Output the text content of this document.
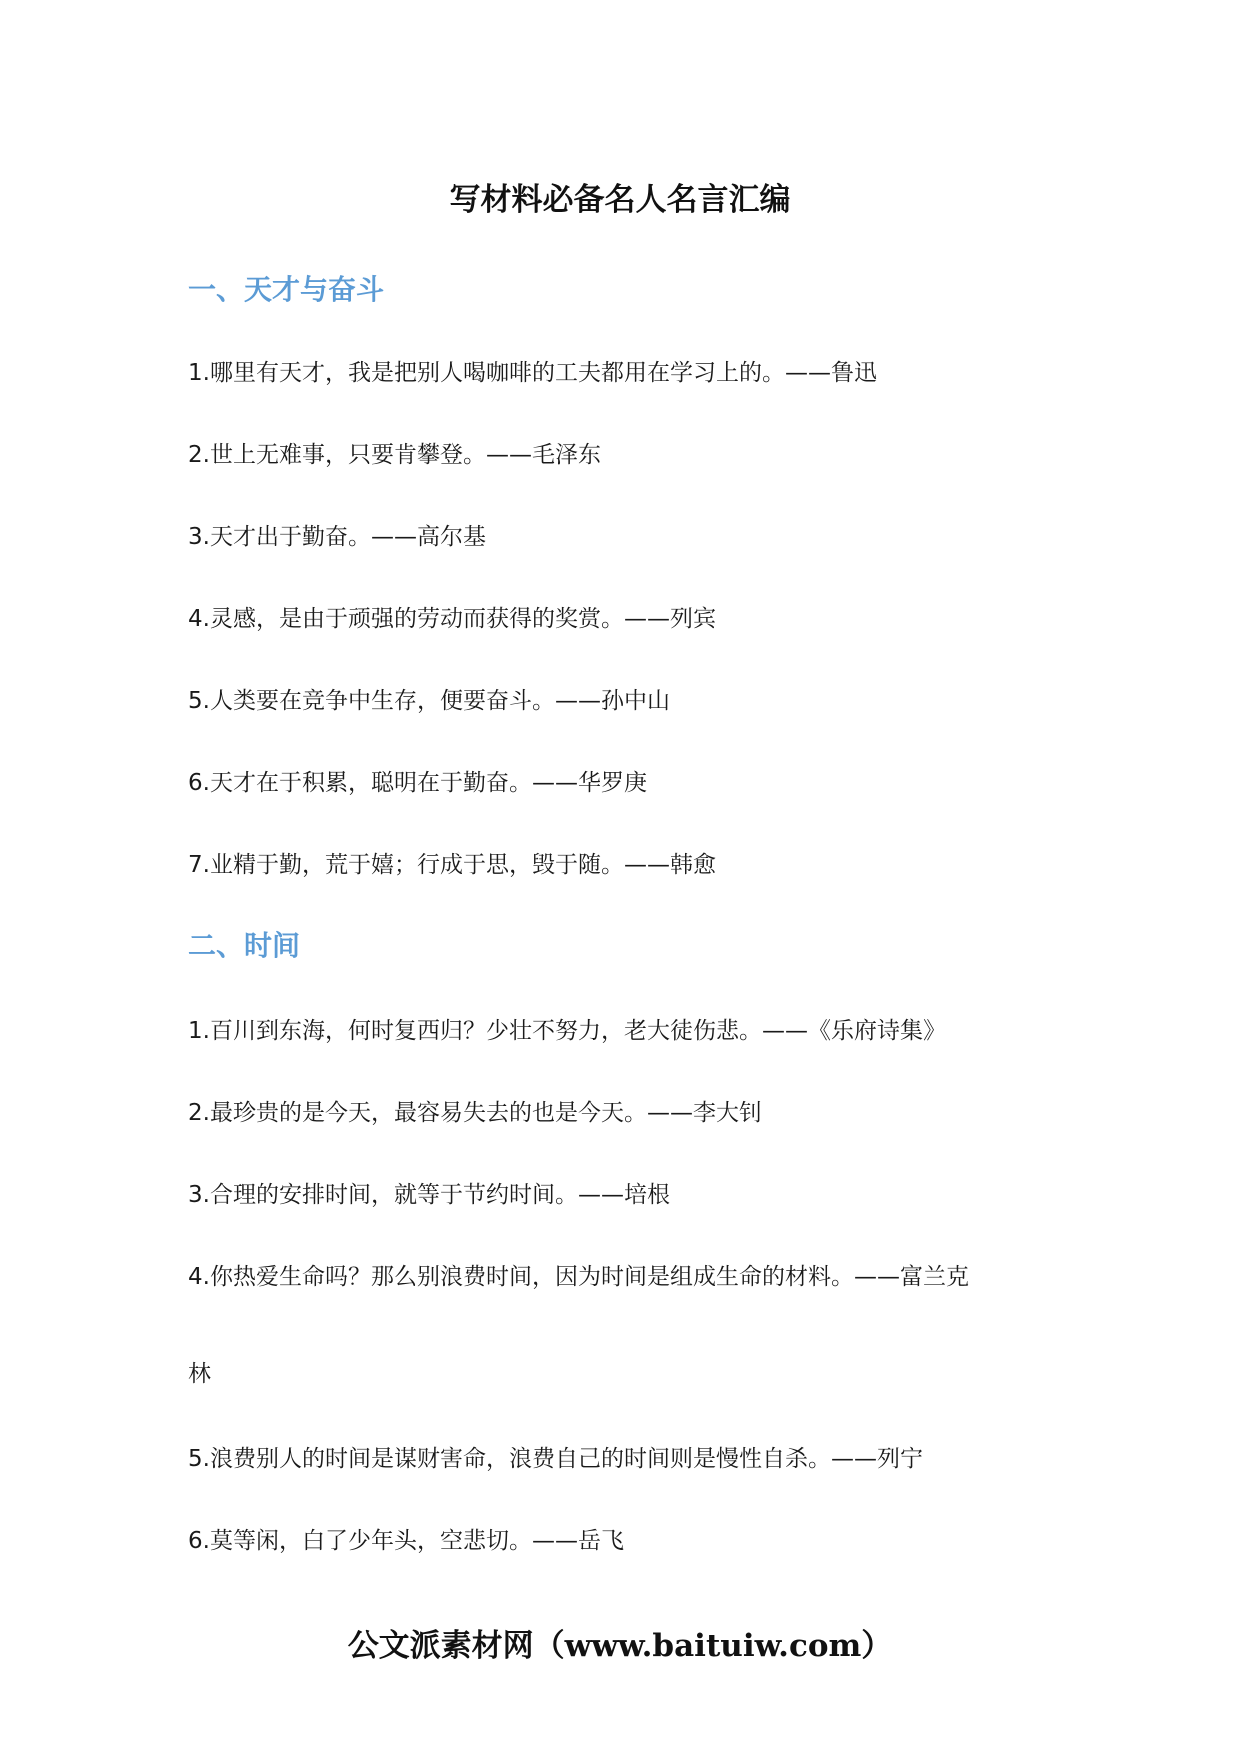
写材料必备名人名言汇编
一、天才与奋斗
1.哪里有天才，我是把别人喝咖啡的工夫都用在学习上的。——鲁迅
2.世上无难事，只要肯攀登。——毛泽东
3.天才出于勤奋。——高尔基
4.灵感，是由于顽强的劳动而获得的奖赏。——列宾
5.人类要在竞争中生存，便要奋斗。——孙中山
6.天才在于积累，聪明在于勤奋。——华罗庚
7.业精于勤，荒于嬉；行成于思，毁于随。——韩愈
二、时间
1.百川到东海，何时复西归？少壮不努力，老大徒伤悲。——《乐府诗集》
2.最珍贵的是今天，最容易失去的也是今天。——李大钊
3.合理的安排时间，就等于节约时间。——培根
4.你热爱生命吗？那么别浪费时间，因为时间是组成生命的材料。——富兰克
林
5.浪费别人的时间是谋财害命，浪费自己的时间则是慢性自杀。——列宁
6.莫等闲，白了少年头，空悲切。——岳飞
公文派素材网（www.baituiw.com）
